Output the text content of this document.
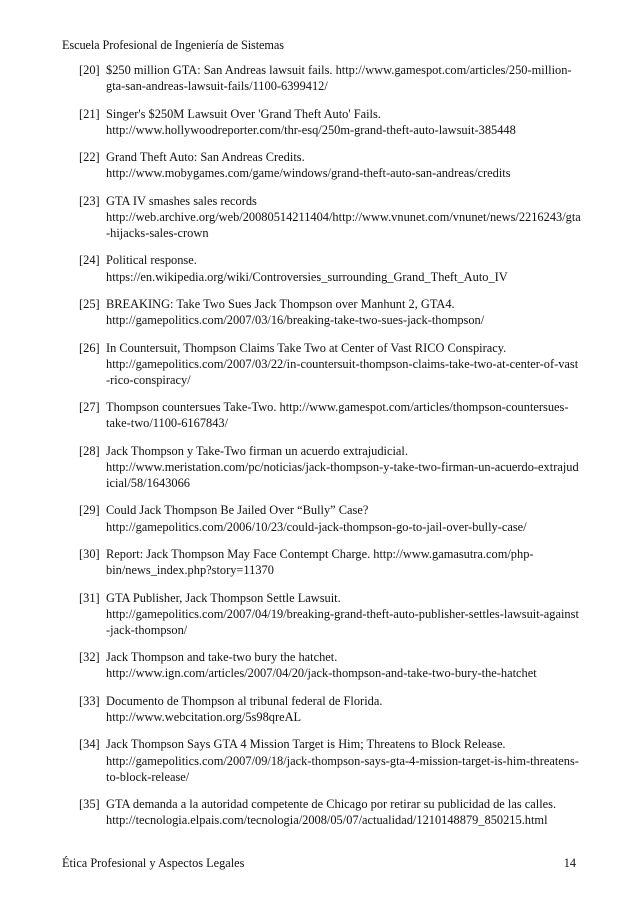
Escuela Profesional de Ingeniería de Sistemas
[20] $250 million GTA: San Andreas lawsuit fails. http://www.gamespot.com/articles/250-million-gta-san-andreas-lawsuit-fails/1100-6399412/
[21] Singer's $250M Lawsuit Over 'Grand Theft Auto' Fails.
http://www.hollywoodreporter.com/thr-esq/250m-grand-theft-auto-lawsuit-385448
[22] Grand Theft Auto: San Andreas Credits.
http://www.mobygames.com/game/windows/grand-theft-auto-san-andreas/credits
[23] GTA IV smashes sales records
http://web.archive.org/web/20080514211404/http://www.vnunet.com/vnunet/news/2216243/gta-hijacks-sales-crown
[24] Political response.
https://en.wikipedia.org/wiki/Controversies_surrounding_Grand_Theft_Auto_IV
[25] BREAKING: Take Two Sues Jack Thompson over Manhunt 2, GTA4.
http://gamepolitics.com/2007/03/16/breaking-take-two-sues-jack-thompson/
[26] In Countersuit, Thompson Claims Take Two at Center of Vast RICO Conspiracy.
http://gamepolitics.com/2007/03/22/in-countersuit-thompson-claims-take-two-at-center-of-vast-rico-conspiracy/
[27] Thompson countersues Take-Two. http://www.gamespot.com/articles/thompson-countersues-take-two/1100-6167843/
[28] Jack Thompson y Take-Two firman un acuerdo extrajudicial.
http://www.meristation.com/pc/noticias/jack-thompson-y-take-two-firman-un-acuerdo-extrajudicial/58/1643066
[29] Could Jack Thompson Be Jailed Over “Bully” Case?
http://gamepolitics.com/2006/10/23/could-jack-thompson-go-to-jail-over-bully-case/
[30] Report: Jack Thompson May Face Contempt Charge. http://www.gamasutra.com/php-bin/news_index.php?story=11370
[31] GTA Publisher, Jack Thompson Settle Lawsuit.
http://gamepolitics.com/2007/04/19/breaking-grand-theft-auto-publisher-settles-lawsuit-against-jack-thompson/
[32] Jack Thompson and take-two bury the hatchet.
http://www.ign.com/articles/2007/04/20/jack-thompson-and-take-two-bury-the-hatchet
[33] Documento de Thompson al tribunal federal de Florida.
http://www.webcitation.org/5s98qreAL
[34] Jack Thompson Says GTA 4 Mission Target is Him; Threatens to Block Release.
http://gamepolitics.com/2007/09/18/jack-thompson-says-gta-4-mission-target-is-him-threatens-to-block-release/
[35] GTA demanda a la autoridad competente de Chicago por retirar su publicidad de las calles.
http://tecnologia.elpais.com/tecnologia/2008/05/07/actualidad/1210148879_850215.html
Ética Profesional y Aspectos Legales	14
